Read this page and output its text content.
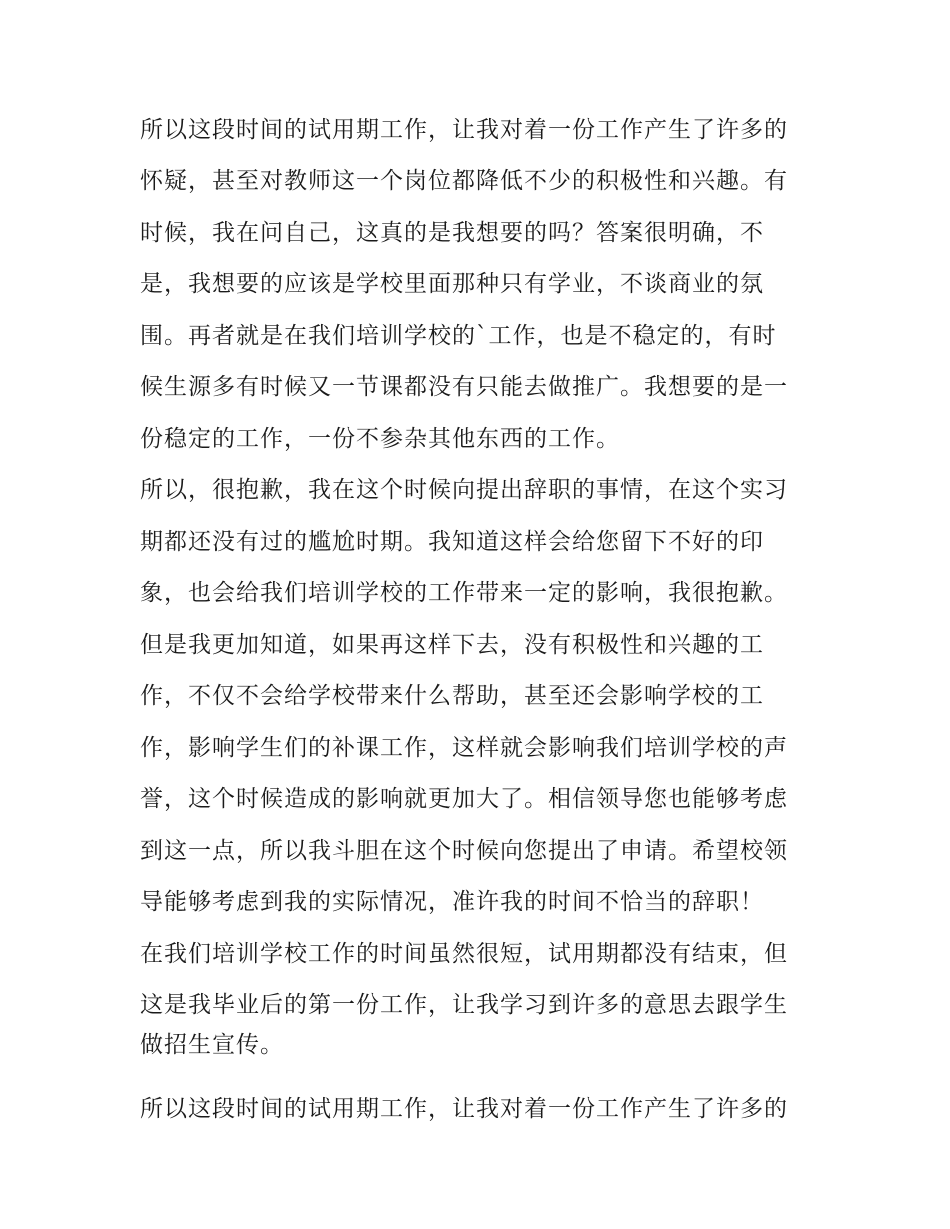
所以这段时间的试用期工作，让我对着一份工作产生了许多的
怀疑，甚至对教师这一个岗位都降低不少的积极性和兴趣。有
时候，我在问自己，这真的是我想要的吗？答案很明确，不
是，我想要的应该是学校里面那种只有学业，不谈商业的氛
围。再者就是在我们培训学校的`工作，也是不稳定的，有时
候生源多有时候又一节课都没有只能去做推广。我想要的是一
份稳定的工作，一份不参杂其他东西的工作。
所以，很抱歉，我在这个时候向提出辞职的事情，在这个实习
期都还没有过的尴尬时期。我知道这样会给您留下不好的印
象，也会给我们培训学校的工作带来一定的影响，我很抱歉。
但是我更加知道，如果再这样下去，没有积极性和兴趣的工
作，不仅不会给学校带来什么帮助，甚至还会影响学校的工
作，影响学生们的补课工作，这样就会影响我们培训学校的声
誉，这个时候造成的影响就更加大了。相信领导您也能够考虑
到这一点，所以我斗胆在这个时候向您提出了申请。希望校领
导能够考虑到我的实际情况，准许我的时间不恰当的辞职！
在我们培训学校工作的时间虽然很短，试用期都没有结束，但
这是我毕业后的第一份工作，让我学习到许多的意思去跟学生
做招生宣传。
所以这段时间的试用期工作，让我对着一份工作产生了许多的
